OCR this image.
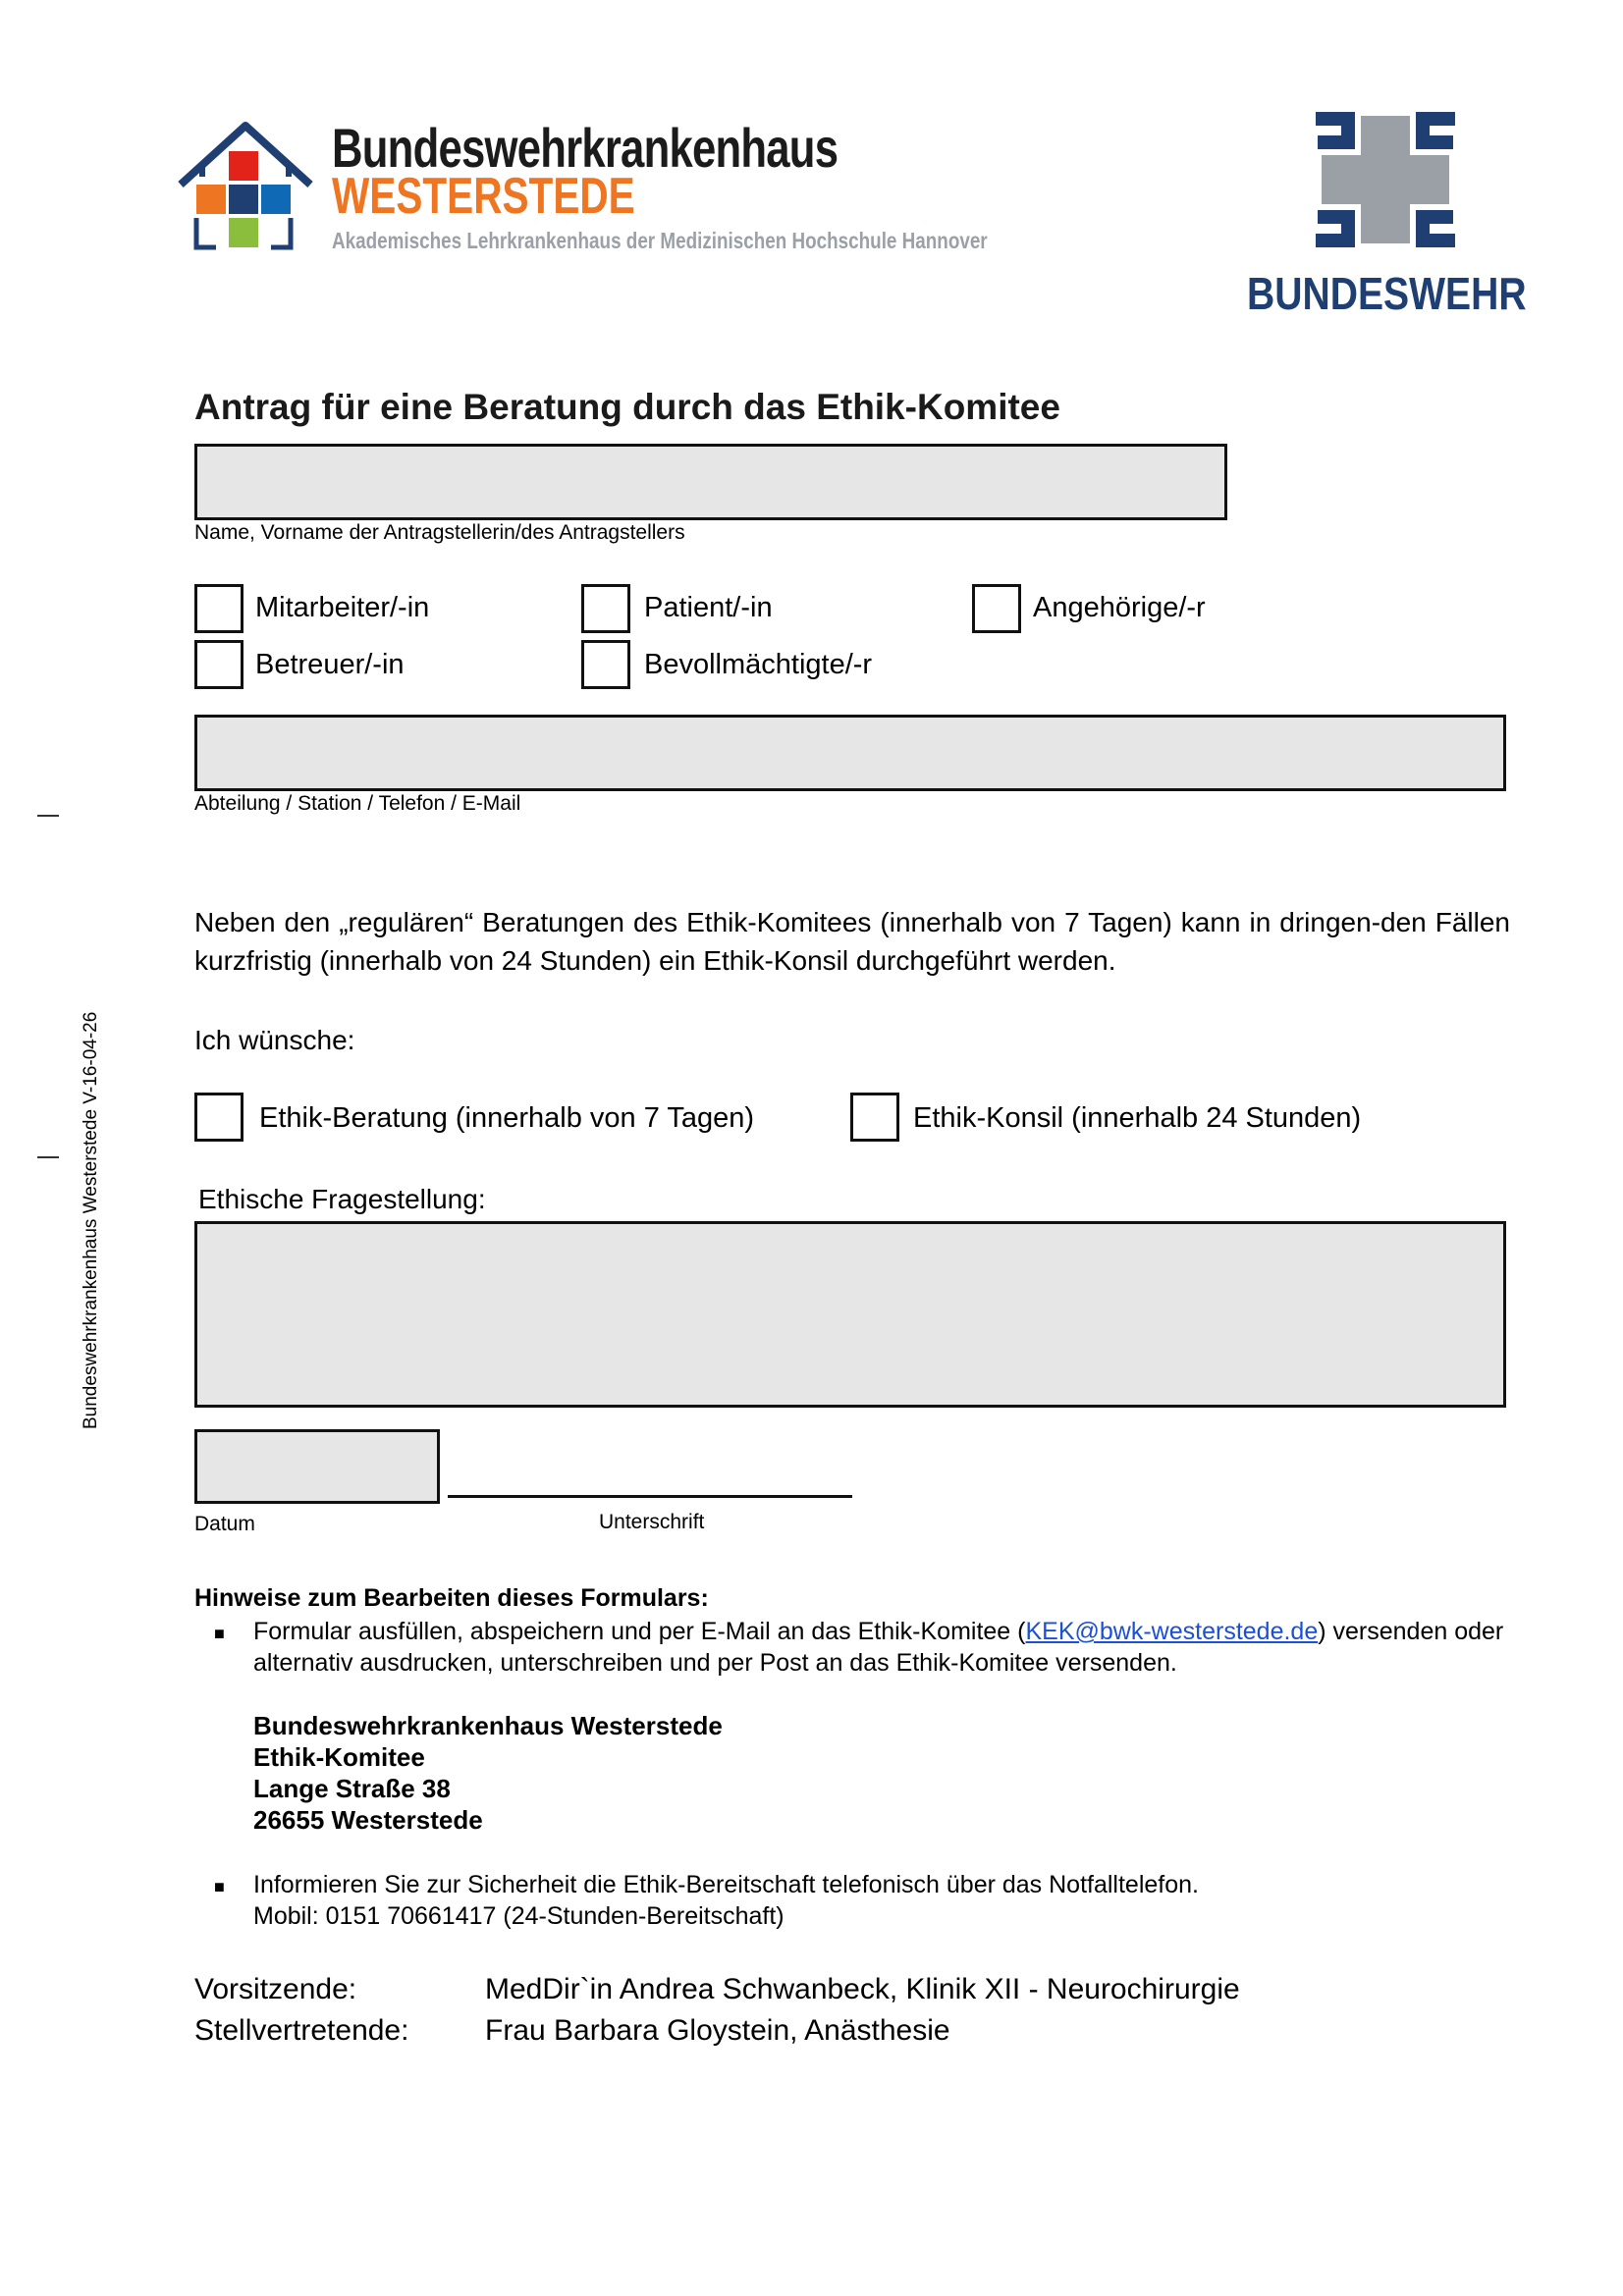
Bundeswehrkrankenhaus
WESTERSTEDE
Akademisches Lehrkrankenhaus der Medizinischen Hochschule Hannover
BUNDESWEHR
Bundeswehrkrankenhaus Westerstede V-16-04-26
Antrag für eine Beratung durch das Ethik-Komitee
Name, Vorname der Antragstellerin/des Antragstellers
Mitarbeiter/-in	Patient/-in	Angehörige/-r
Betreuer/-in	Bevollmächtigte/-r
Abteilung / Station / Telefon / E-Mail
Neben den „regulären“ Beratungen des Ethik-Komitees (innerhalb von 7 Tagen) kann in dringen-den Fällen kurzfristig (innerhalb von 24 Stunden) ein Ethik-Konsil durchgeführt werden.
Ich wünsche:
Ethik-Beratung (innerhalb von 7 Tagen)	Ethik-Konsil (innerhalb 24 Stunden)
Ethische Fragestellung:
Datum	Unterschrift
Hinweise zum Bearbeiten dieses Formulars:
■ Formular ausfüllen, abspeichern und per E-Mail an das Ethik-Komitee (KEK@bwk-westerstede.de) versenden oder alternativ ausdrucken, unterschreiben und per Post an das Ethik-Komitee versenden.
Bundeswehrkrankenhaus Westerstede
Ethik-Komitee
Lange Straße 38
26655 Westerstede
■ Informieren Sie zur Sicherheit die Ethik-Bereitschaft telefonisch über das Notfalltelefon.
Mobil: 0151 70661417 (24-Stunden-Bereitschaft)
Vorsitzende:	MedDir`in Andrea Schwanbeck, Klinik XII - Neurochirurgie
Stellvertretende:	Frau Barbara Gloystein, Anästhesie
